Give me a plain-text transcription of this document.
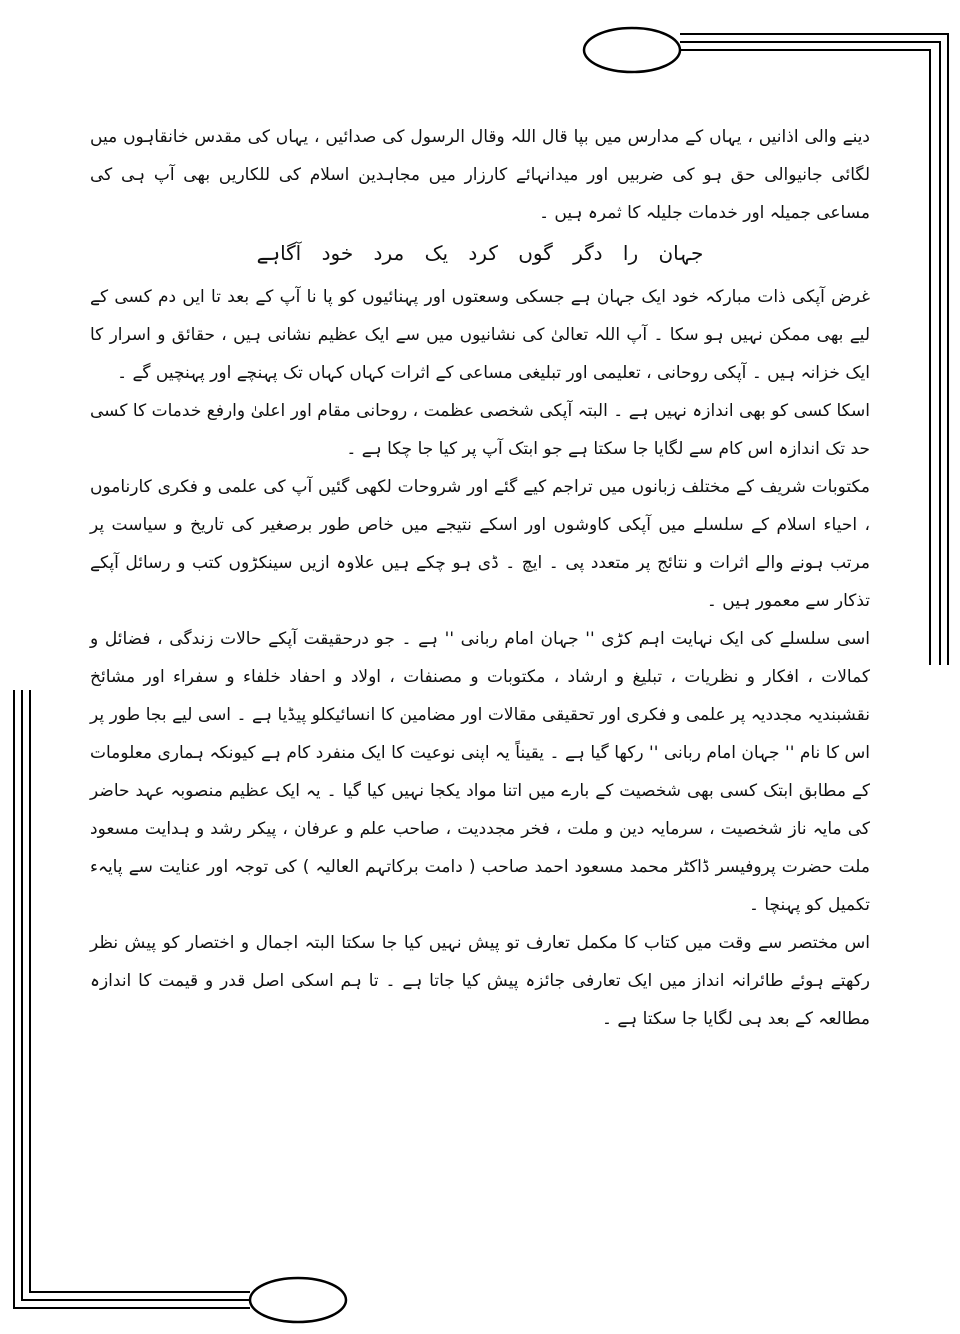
دینے والی اذانیں ، یہاں کے مدارس میں بپا قال اللہ وقال الرسول کی صدائیں ، یہاں کی مقدس خانقاہوں میں لگائی جانیوالی حق ہو کی ضربیں اور میدانہائے کارزار میں مجاہدین اسلام کی للکاریں بھی آپ ہی کی مساعی جمیلہ اور خدمات جلیلہ کا ثمرہ ہیں ۔

جہان را دگر گوں کرد یک مرد خود آگاہے

غرض آپکی ذات مبارکہ خود ایک جہان ہے جسکی وسعتوں اور پہنائیوں کو پا نا آپ کے بعد تا ایں دم کسی کے لیے بھی ممکن نہیں ہو سکا ۔ آپ اللہ تعالیٰ کی نشانیوں میں سے ایک عظیم نشانی ہیں ، حقائق و اسرار کا ایک خزانہ ہیں ۔ آپکی روحانی ، تعلیمی اور تبلیغی مساعی کے اثرات کہاں کہاں تک پہنچے اور پہنچیں گے ۔

اسکا کسی کو بھی اندازہ نہیں ہے ۔ البتہ آپکی شخصی عظمت ، روحانی مقام اور اعلیٰ وارفع خدمات کا کسی حد تک اندازہ اس کام سے لگایا جا سکتا ہے جو ابتک آپ پر کیا جا چکا ہے ۔

مکتوبات شریف کے مختلف زبانوں میں تراجم کیے گئے اور شروحات لکھی گئیں آپ کی علمی و فکری کارناموں ، احیاء اسلام کے سلسلے میں آپکی کاوشوں اور اسکے نتیجے میں خاص طور برصغیر کی تاریخ و سیاست پر مرتب ہونے والے اثرات و نتائج پر متعدد پی ۔ ایچ ۔ ڈی ہو چکے ہیں علاوہ ازیں سینکڑوں کتب و رسائل آپکے تذکار سے معمور ہیں ۔

اسی سلسلے کی ایک نہایت اہم کڑی '' جہان امام ربانی '' ہے ۔ جو درحقیقت آپکے حالات زندگی ، فضائل و کمالات ، افکار و نظریات ، تبلیغ و ارشاد ، مکتوبات و مصنفات ، اولاد و احفاد خلفاء و سفراء اور مشائخ نقشبندیہ مجددیہ پر علمی و فکری اور تحقیقی مقالات اور مضامین کا انسائیکلو پیڈیا ہے ۔ اسی لیے بجا طور پر اس کا نام '' جہان امام ربانی '' رکھا گیا ہے ۔ یقیناً یہ اپنی نوعیت کا ایک منفرد کام ہے کیونکہ ہماری معلومات کے مطابق ابتک کسی بھی شخصیت کے بارے میں اتنا مواد یکجا نہیں کیا گیا ۔ یہ ایک عظیم منصوبہ عہد حاضر کی مایہ ناز شخصیت ، سرمایہ دین و ملت ، فخر مجددیت ، صاحب علم و عرفان ، پیکر رشد و ہدایت مسعود ملت حضرت پروفیسر ڈاکٹر محمد مسعود احمد صاحب ( دامت برکاتہم العالیہ ) کی توجہ اور عنایت سے پایہء تکمیل کو پہنچا ۔

اس مختصر سے وقت میں کتاب کا مکمل تعارف تو پیش نہیں کیا جا سکتا البتہ اجمال و اختصار کو پیش نظر رکھتے ہوئے طائرانہ انداز میں ایک تعارفی جائزہ پیش کیا جاتا ہے ۔ تا ہم اسکی اصل قدر و قیمت کا اندازہ مطالعہ کے بعد ہی لگایا جا سکتا ہے ۔
